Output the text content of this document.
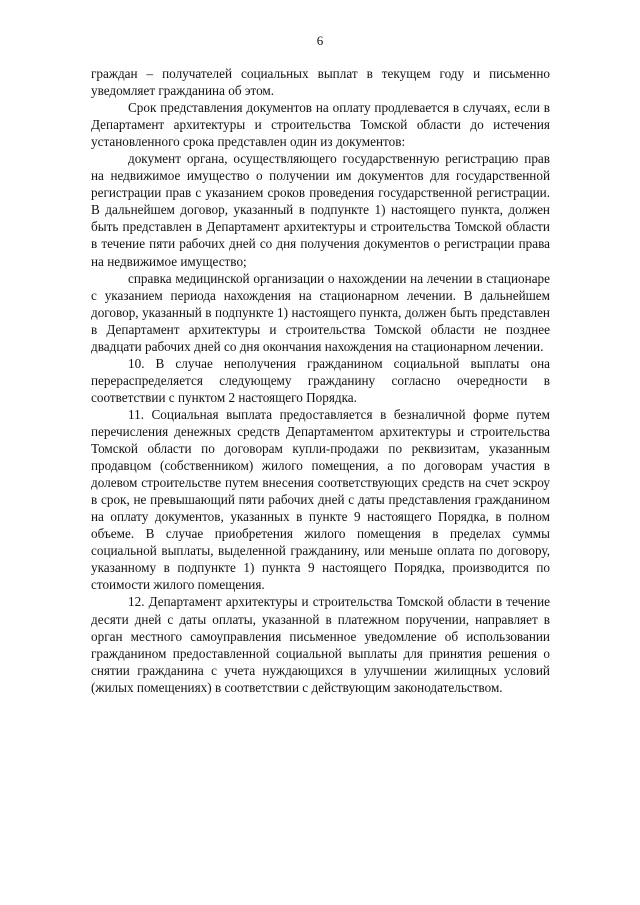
6

граждан – получателей социальных выплат в текущем году и письменно уведомляет гражданина об этом.

Срок представления документов на оплату продлевается в случаях, если в Департамент архитектуры и строительства Томской области до истечения установленного срока представлен один из документов:

документ органа, осуществляющего государственную регистрацию прав на недвижимое имущество о получении им документов для государственной регистрации прав с указанием сроков проведения государственной регистрации. В дальнейшем договор, указанный в подпункте 1) настоящего пункта, должен быть представлен в Департамент архитектуры и строительства Томской области в течение пяти рабочих дней со дня получения документов о регистрации права на недвижимое имущество;

справка медицинской организации о нахождении на лечении в стационаре с указанием периода нахождения на стационарном лечении. В дальнейшем договор, указанный в подпункте 1) настоящего пункта, должен быть представлен в Департамент архитектуры и строительства Томской области не позднее двадцати рабочих дней со дня окончания нахождения на стационарном лечении.

10. В случае неполучения гражданином социальной выплаты она перераспределяется следующему гражданину согласно очередности в соответствии с пунктом 2 настоящего Порядка.

11. Социальная выплата предоставляется в безналичной форме путем перечисления денежных средств Департаментом архитектуры и строительства Томской области по договорам купли-продажи по реквизитам, указанным продавцом (собственником) жилого помещения, а по договорам участия в долевом строительстве путем внесения соответствующих средств на счет эскроу в срок, не превышающий пяти рабочих дней с даты представления гражданином на оплату документов, указанных в пункте 9 настоящего Порядка, в полном объеме. В случае приобретения жилого помещения в пределах суммы социальной выплаты, выделенной гражданину, или меньше оплата по договору, указанному в подпункте 1) пункта 9 настоящего Порядка, производится по стоимости жилого помещения.

12. Департамент архитектуры и строительства Томской области в течение десяти дней с даты оплаты, указанной в платежном поручении, направляет в орган местного самоуправления письменное уведомление об использовании гражданином предоставленной социальной выплаты для принятия решения о снятии гражданина с учета нуждающихся в улучшении жилищных условий (жилых помещениях) в соответствии с действующим законодательством.
